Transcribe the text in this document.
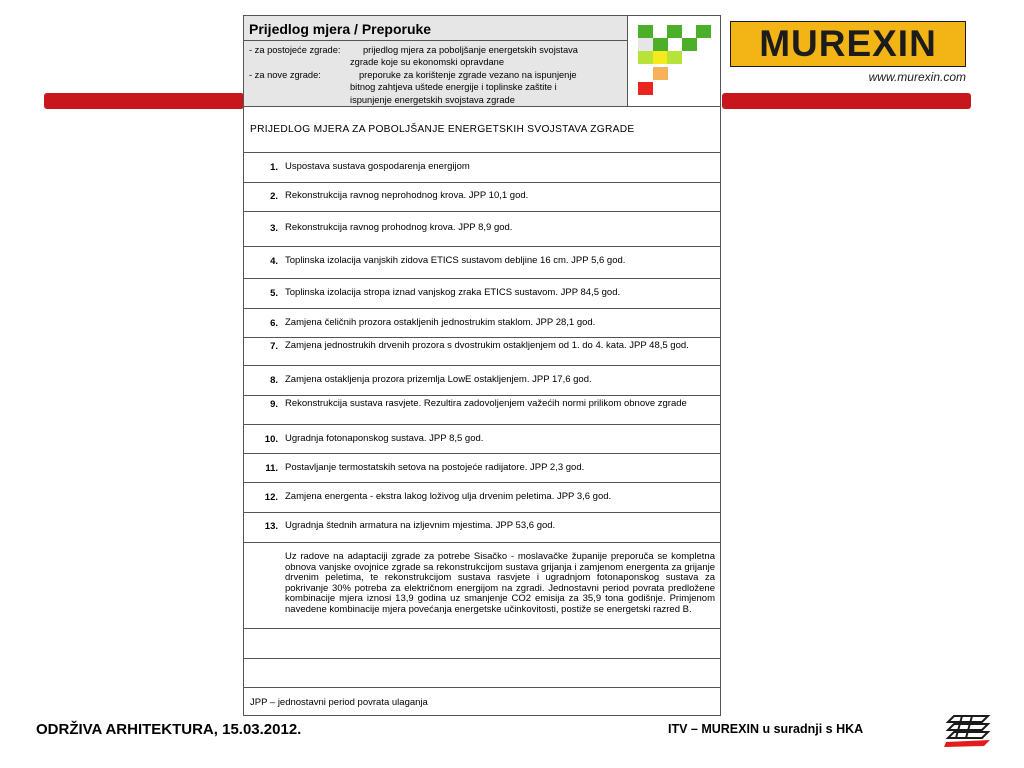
MUREXIN
www.murexin.com
Prijedlog mjera / Preporuke
- za postojeće zgrade: prijedlog mjera za poboljšanje energetskih svojstava
zgrade koje su ekonomski opravdane
- za nove zgrade:	preporuke za korištenje zgrade vezano na ispunjenje
bitnog zahtjeva uštede energije i toplinske zaštite i
ispunjenje energetskih svojstava zgrade
PRIJEDLOG MJERA ZA POBOLJŠANJE ENERGETSKIH SVOJSTAVA ZGRADE
1. Uspostava sustava gospodarenja energijom
2. Rekonstrukcija ravnog neprohodnog krova. JPP 10,1 god.
3. Rekonstrukcija ravnog prohodnog krova. JPP 8,9 god.
4. Toplinska izolacija vanjskih zidova ETICS sustavom debljine 16 cm. JPP 5,6 god.
5. Toplinska izolacija stropa iznad vanjskog zraka ETICS sustavom. JPP 84,5 god.
6. Zamjena čeličnih prozora ostakljenih jednostrukim staklom. JPP 28,1 god.
7. Zamjena jednostrukih drvenih prozora s dvostrukim ostakljenjem od 1. do 4. kata. JPP 48,5 god.
8. Zamjena ostakljenja prozora prizemlja LowE ostakljenjem. JPP 17,6 god.
9. Rekonstrukcija sustava rasvjete. Rezultira zadovoljenjem važećih normi prilikom obnove zgrade
10. Ugradnja fotonaponskog sustava. JPP 8,5 god.
11. Postavljanje termostatskih setova na postojeće radijatore. JPP 2,3 god.
12. Zamjena energenta - ekstra lakog loživog ulja drvenim peletima. JPP 3,6 god.
13. Ugradnja štednih armatura na izljevnim mjestima. JPP 53,6 god.
Uz radove na adaptaciji zgrade za potrebe Sisačko - moslavačke županije preporuča se kompletna obnova vanjske ovojnice zgrade sa rekonstrukcijom sustava grijanja i zamjenom energenta za grijanje drvenim peletima, te rekonstrukcijom sustava rasvjete i ugradnjom fotonaponskog sustava za pokrivanje 30% potreba za električnom energijom na zgradi. Jednostavni period povrata predložene kombinacije mjera iznosi 13,9 godina uz smanjenje CO2 emisija za 35,9 tona godišnje. Primjenom navedene kombinacije mjera povećanja energetske učinkovitosti, postiže se energetski razred B.
JPP – jednostavni period povrata ulaganja
ODRŽIVA ARHITEKTURA, 15.03.2012.	ITV – MUREXIN u suradnji s HKA
